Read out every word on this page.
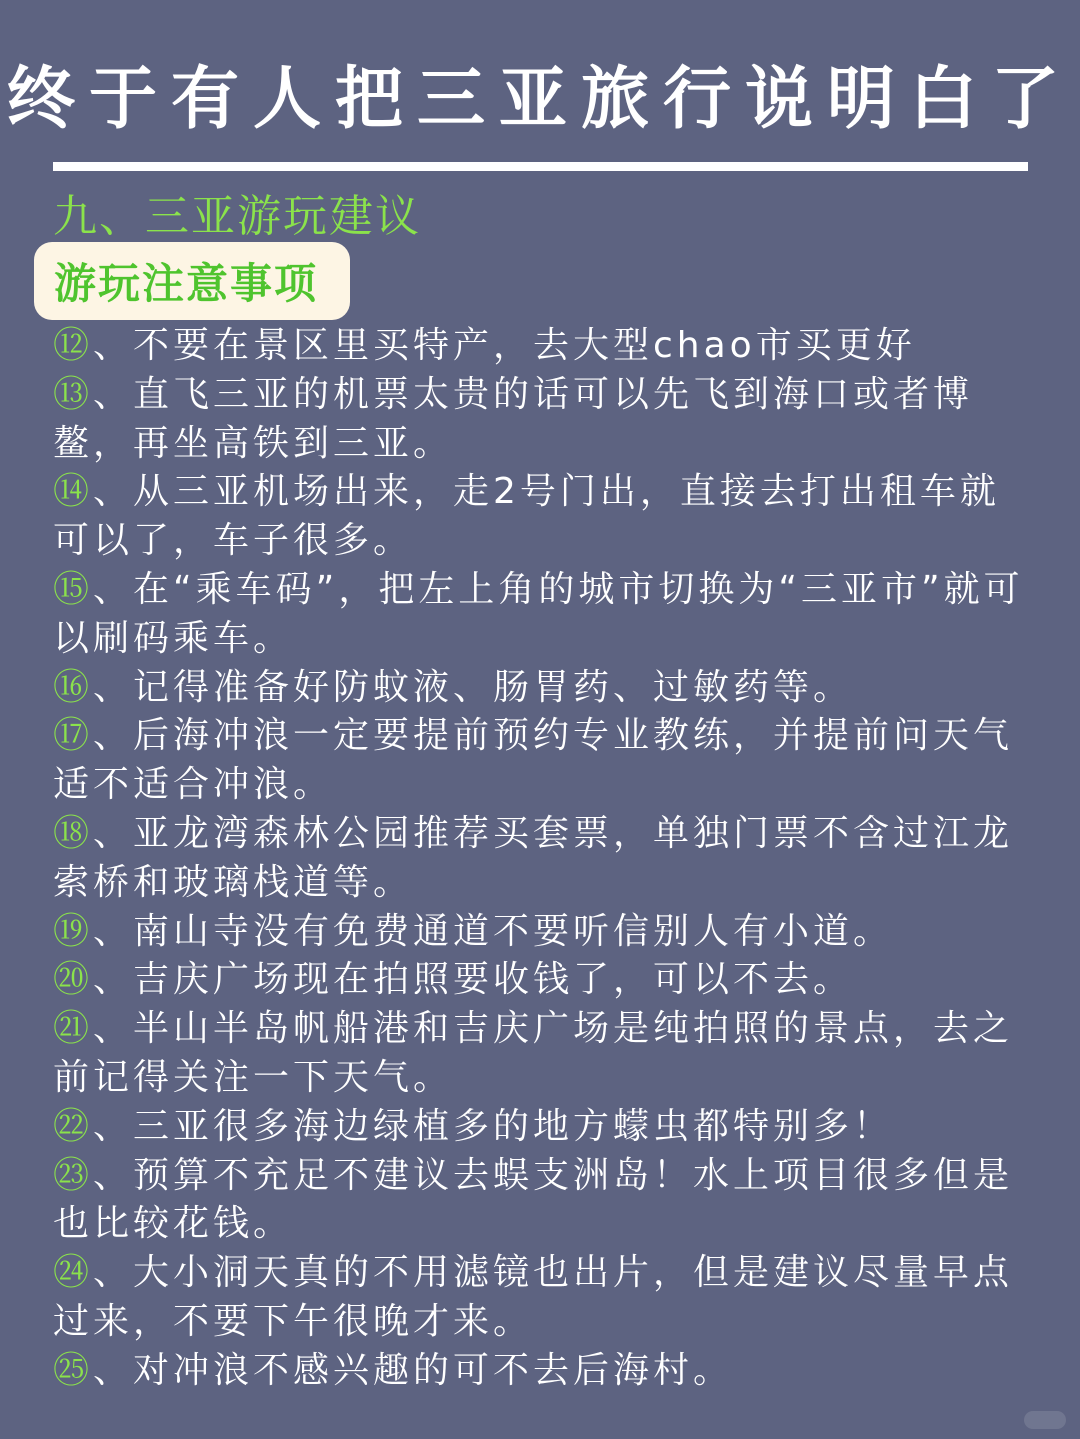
终于有人把三亚旅行说明白了
九、三亚游玩建议
游玩注意事项
⑫、不要在景区里买特产，去大型chao市买更好
⑬、直飞三亚的机票太贵的话可以先飞到海口或者博鳌，再坐高铁到三亚。
⑭、从三亚机场出来，走2号门出，直接去打出租车就可以了，车子很多。
⑮、在“乘车码”，把左上角的城市切换为“三亚市”就可以刷码乘车。
⑯、记得准备好防蚊液、肠胃药、过敏药等。
⑰、后海冲浪一定要提前预约专业教练，并提前问天气适不适合冲浪。
⑱、亚龙湾森林公园推荐买套票，单独门票不含过江龙索桥和玻璃栈道等。
⑲、南山寺没有免费通道不要听信别人有小道。
⑳、吉庆广场现在拍照要收钱了，可以不去。
㉑、半山半岛帆船港和吉庆广场是纯拍照的景点，去之前记得关注一下天气。
㉒、三亚很多海边绿植多的地方蠓虫都特别多！
㉓、预算不充足不建议去蜈支洲岛！水上项目很多但是也比较花钱。
㉔、大小洞天真的不用滤镜也出片，但是建议尽量早点过来，不要下午很晚才来。
㉕、对冲浪不感兴趣的可不去后海村。
